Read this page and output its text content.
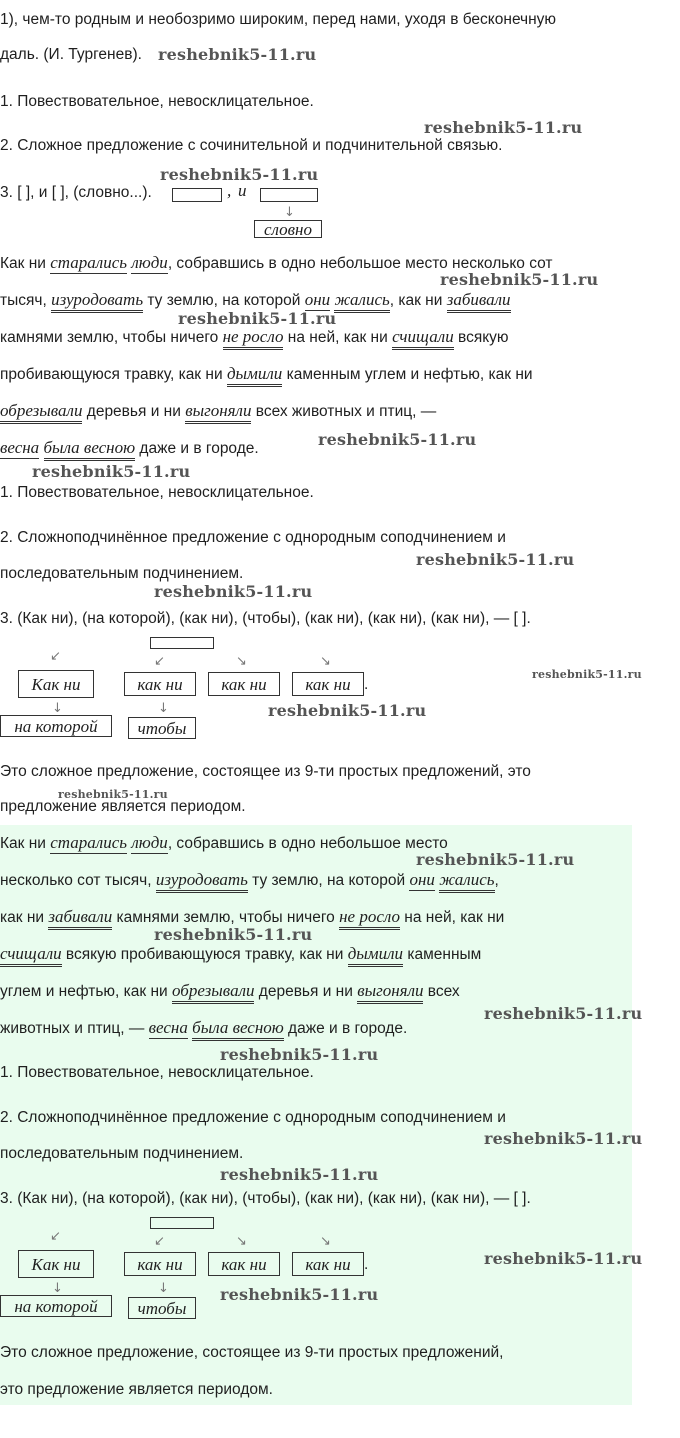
1), чем-то родным и необозримо широким, перед нами, уходя в бесконечную
даль. (И. Тургенев). reshebnik5-11.ru
1. Повествовательное, невосклицательное.
reshebnik5-11.ru
2. Сложное предложение с сочинительной и подчинительной связью.
reshebnik5-11.ru
3. [ ], и [ ], (словно...).	, и
↓
словно
Как ни старались люди, собравшись в одно небольшое место несколько сот
reshebnik5-11.ru
тысяч, изуродовать ту землю, на которой они жались, как ни забивали
reshebnik5-11.ru
камнями землю, чтобы ничего не росло на ней, как ни счищали всякую
пробивающуюся травку, как ни дымили каменным углем и нефтью, как ни
обрезывали деревья и ни выгоняли всех животных и птиц, —
весна была весною даже и в городе.	reshebnik5-11.ru
reshebnik5-11.ru
1. Повествовательное, невосклицательное.
2. Сложноподчинённое предложение с однородным соподчинением и
reshebnik5-11.ru
последовательным подчинением.
reshebnik5-11.ru
3. (Как ни), (на которой), (как ни), (чтобы), (как ни), (как ни), (как ни), — [ ].
↙	↙	↘	↘
Как ни	как ни	как ни	как ни .
reshebnik5-11.ru
↓	↓
на которой	чтобы
reshebnik5-11.ru
Это сложное предложение, состоящее из 9-ти простых предложений, это
reshebnik5-11.ru
предложение является периодом.
Как ни старались люди, собравшись в одно небольшое место
reshebnik5-11.ru
несколько сот тысяч, изуродовать ту землю, на которой они жались,
как ни забивали камнями землю, чтобы ничего не росло на ней, как ни
reshebnik5-11.ru
счищали всякую пробивающуюся травку, как ни дымили каменным
углем и нефтью, как ни обрезывали деревья и ни выгоняли всех
reshebnik5-11.ru
животных и птиц, — весна была весною даже и в городе.
reshebnik5-11.ru
1. Повествовательное, невосклицательное.
2. Сложноподчинённое предложение с однородным соподчинением и
reshebnik5-11.ru
последовательным подчинением.
reshebnik5-11.ru
3. (Как ни), (на которой), (как ни), (чтобы), (как ни), (как ни), (как ни), — [ ].
↙	↙	↘	↘
Как ни	как ни	как ни	как ни .	reshebnik5-11.ru
↓	↓
на которой	чтобы
reshebnik5-11.ru
Это сложное предложение, состоящее из 9-ти простых предложений,
это предложение является периодом.
